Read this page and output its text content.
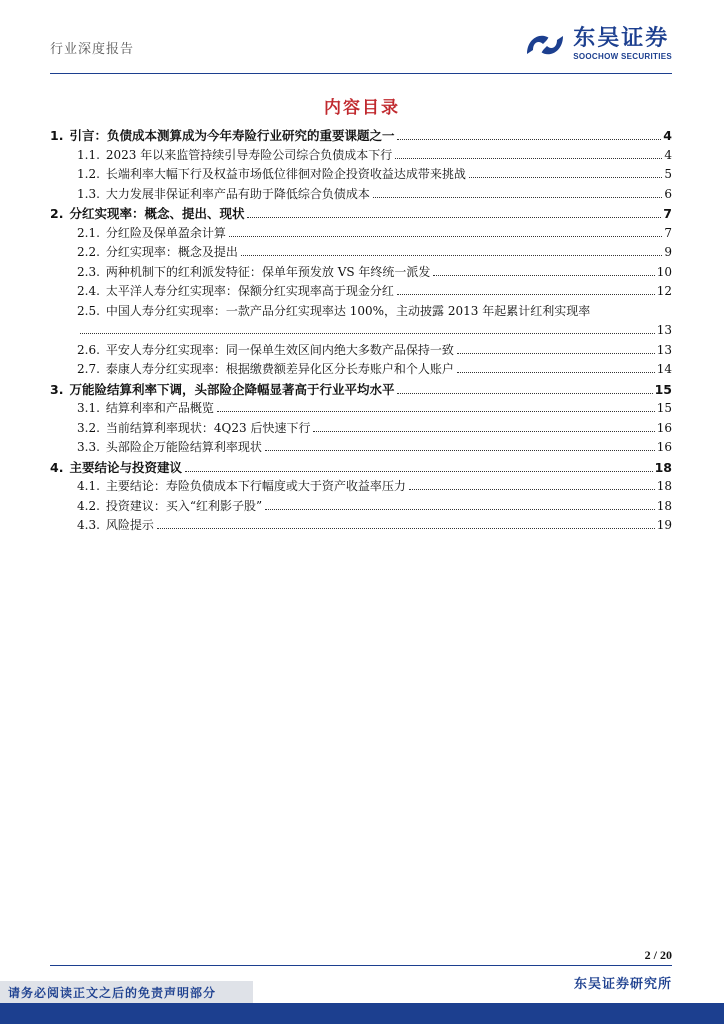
行业深度报告	东吴证券
SOOCHOW SECURITIES
内容目录
1. 引言：负债成本测算成为今年寿险行业研究的重要课题之一	4
1.1. 2023 年以来监管持续引导寿险公司综合负债成本下行	4
1.2. 长端利率大幅下行及权益市场低位徘徊对险企投资收益达成带来挑战	5
1.3. 大力发展非保证利率产品有助于降低综合负债成本	6
2. 分红实现率：概念、提出、现状	7
2.1. 分红险及保单盈余计算	7
2.2. 分红实现率：概念及提出	9
2.3. 两种机制下的红利派发特征：保单年预发放 VS 年终统一派发	10
2.4. 太平洋人寿分红实现率：保额分红实现率高于现金分红	12
2.5. 中国人寿分红实现率：一款产品分红实现率达 100%，主动披露 2013 年起累计红利实现率
13
2.6. 平安人寿分红实现率：同一保单生效区间内绝大多数产品保持一致	13
2.7. 泰康人寿分红实现率：根据缴费额差异化区分长寿账户和个人账户	14
3. 万能险结算利率下调，头部险企降幅显著高于行业平均水平	15
3.1. 结算利率和产品概览	15
3.2. 当前结算利率现状：4Q23 后快速下行	16
3.3. 头部险企万能险结算利率现状	16
4. 主要结论与投资建议	18
4.1. 主要结论：寿险负债成本下行幅度或大于资产收益率压力	18
4.2. 投资建议：买入“红利影子股”	18
4.3. 风险提示	19
2 / 20
东吴证券研究所
请务必阅读正文之后的免责声明部分
